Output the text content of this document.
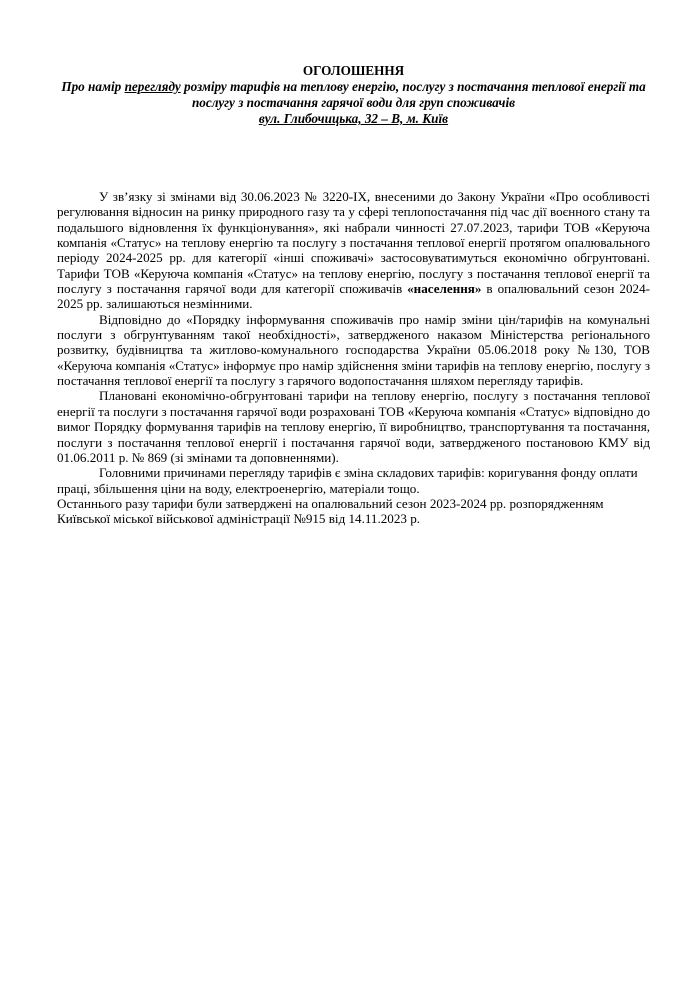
ОГОЛОШЕННЯ

Про намір перегляду розміру тарифів на теплову енергію, послугу з постачання теплової енергії та послугу з постачання гарячої води для груп споживачів

вул. Глибочицька, 32 – В, м. Київ

У зв’язку зі змінами від 30.06.2023 № 3220-IX, внесеними до Закону України «Про особливості регулювання відносин на ринку природного газу та у сфері теплопостачання під час дії воєнного стану та подальшого відновлення їх функціонування», які набрали чинності 27.07.2023, тарифи ТОВ «Керуюча компанія «Статус» на теплову енергію та послугу з постачання теплової енергії протягом опалювального періоду 2024-2025 рр. для категорії «інші споживачі» застосовуватимуться економічно обгрунтовані. Тарифи ТОВ «Керуюча компанія «Статус» на теплову енергію, послугу з постачання теплової енергії та послугу з постачання гарячої води для категорії споживачів «населення» в опалювальний сезон 2024-2025 рр. залишаються незмінними.

Відповідно до «Порядку інформування споживачів про намір зміни цін/тарифів на комунальні послуги з обгрунтуванням такої необхідності», затвердженого наказом Міністерства регіонального розвитку, будівництва та житлово-комунального господарства України 05.06.2018 року №130, ТОВ «Керуюча компанія «Статус» інформує про намір здійснення зміни тарифів на теплову енергію, послугу з постачання теплової енергії та послугу з гарячого водопостачання шляхом перегляду тарифів.

Плановані економічно-обгрунтовані тарифи на теплову енергію, послугу з постачання теплової енергії та послуги з постачання гарячої води розраховані ТОВ «Керуюча компанія «Статус» відповідно до вимог Порядку формування тарифів на теплову енергію, її виробництво, транспортування та постачання, послуги з постачання теплової енергії і постачання гарячої води, затвердженого постановою КМУ від 01.06.2011 р. № 869 (зі змінами та доповненнями).

Головними причинами перегляду тарифів є зміна складових тарифів: коригування фонду оплати праці, збільшення ціни на воду, електроенергію, матеріали тощо.

Останнього разу тарифи були затверджені на опалювальний сезон 2023-2024 рр. розпорядженням Київської міської військової адміністрації №915 від 14.11.2023 р.
